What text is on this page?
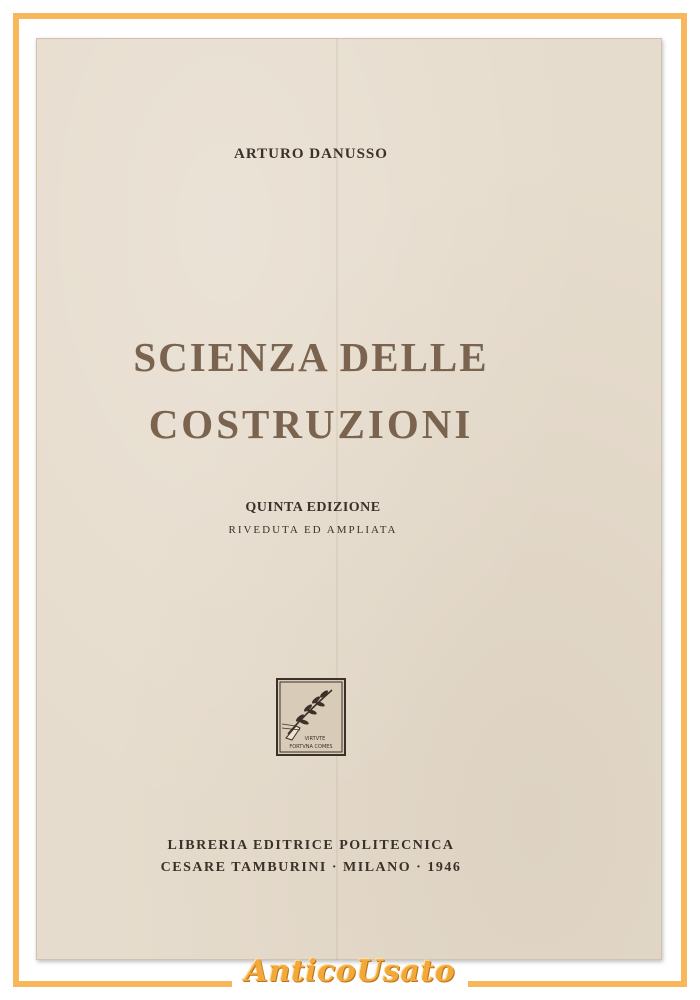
ARTURO DANUSSO
SCIENZA DELLE
COSTRUZIONI
QUINTA EDIZIONE
RIVEDUTA ED AMPLIATA
VIRTVTE
FORTVNA COMES
LIBRERIA EDITRICE POLITECNICA
CESARE TAMBURINI · MILANO · 1946
AnticoUsato
